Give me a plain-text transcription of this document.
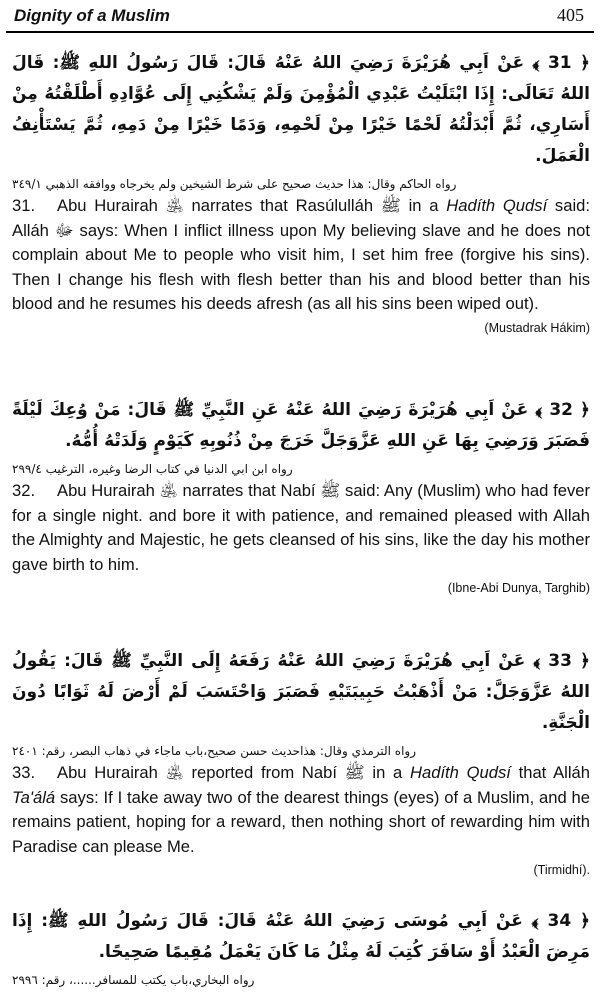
Dignity of a Muslim	405
﴿ 31 ﴾ عَنْ اَبِي هُرَيْرَةَ رَضِيَ اللهُ عَنْهُ قَالَ: قَالَ رَسُولُ اللهِ ﷺ: قَالَ اللهُ تَعَالَى: إِذَا ابْتَلَيْتُ عَبْدِي الْمُؤْمِنَ وَلَمْ يَشْكُنِي إِلَى عُوَّادِهِ أَطْلَقْتُهُ مِنْ أَسَارِي، ثُمَّ أَبْدَلْتُهُ لَحْمًا خَيْرًا مِنْ لَحْمِهِ، وَدَمًا خَيْرًا مِنْ دَمِهِ، ثُمَّ يَسْتَأْنِفُ الْعَمَلَ.
رواه الحاكم وقال: هذا حديث صحيح على شرط الشيخين ولم يخرجاه ووافقه الذهبي ٣٤٩/١

31. Abu Hurairah ﵁ narrates that Rasúlulláh ﷺ in a Hadíth Qudsí said: Alláh ﷻ says: When I inflict illness upon My believing slave and he does not complain about Me to people who visit him, I set him free (forgive his sins). Then I change his flesh with flesh better than his and blood better than his blood and he resumes his deeds afresh (as all his sins been wiped out).

(Mustadrak Hákim)
﴿ 32 ﴾ عَنْ اَبِي هُرَيْرَةَ رَضِيَ اللهُ عَنْهُ عَنِ النَّبِيِّ ﷺ قَالَ: مَنْ وُعِكَ لَيْلَةً فَصَبَرَ وَرَضِيَ بِهَا عَنِ اللهِ عَزَّوَجَلَّ خَرَجَ مِنْ ذُنُوبِهِ كَيَوْمٍ وَلَدَتْهُ أُمُّهُ.
رواه ابن ابي الدنيا في كتاب الرضا وغيره، الترغيب ٢٩٩/٤

32. Abu Hurairah ﵁ narrates that Nabí ﷺ said: Any (Muslim) who had fever for a single night. and bore it with patience, and remained pleased with Allah the Almighty and Majestic, he gets cleansed of his sins, like the day his mother gave birth to him.

(Ibne-Abi Dunya, Targhib)
﴿ 33 ﴾ عَنْ اَبِي هُرَيْرَةَ رَضِيَ اللهُ عَنْهُ رَفَعَهُ إِلَى النَّبِيِّ ﷺ قَالَ: يَقُولُ اللهُ عَزَّوَجَلَّ: مَنْ أَذْهَبْتُ حَبِيبَتَيْهِ فَصَبَرَ وَاحْتَسَبَ لَمْ أَرْضَ لَهُ ثَوَابًا دُونَ الْجَنَّةِ.
رواه الترمذي وقال: هذاحديث حسن صحيح،باب ماجاء في ذهاب البصر، رقم: ٢٤٠١

33. Abu Hurairah ﵁ reported from Nabí ﷺ in a Hadíth Qudsí that Alláh Ta'álá says: If I take away two of the dearest things (eyes) of a Muslim, and he remains patient, hoping for a reward, then nothing short of rewarding him with Paradise can please Me.

(Tirmidhí).
﴿ 34 ﴾ عَنْ اَبِي مُوسَى رَضِيَ اللهُ عَنْهُ قَالَ: قَالَ رَسُولُ اللهِ ﷺ: إِذَا مَرِضَ الْعَبْدُ أَوْ سَافَرَ كُتِبَ لَهُ مِثْلُ مَا كَانَ يَعْمَلُ مُقِيمًا صَحِيحًا.
رواه البخاري،باب يكتب للمسافر......، رقم: ٢٩٩٦
